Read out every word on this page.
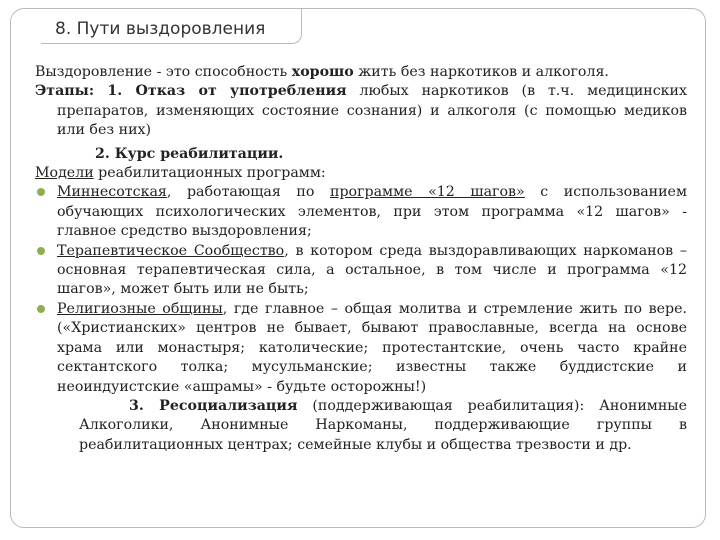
8. Пути выздоровления

Выздоровление - это способность хорошо жить без наркотиков и алкоголя.

Этапы: 1. Отказ от употребления любых наркотиков (в т.ч. медицинских препаратов, изменяющих состояние сознания) и алкоголя (с помощью медиков или без них)

2. Курс реабилитации.

Модели реабилитационных программ:

Миннесотская, работающая по программе «12 шагов» с использованием обучающих психологических элементов, при этом программа «12 шагов» - главное средство выздоровления;

Терапевтическое Сообщество, в котором среда выздоравливающих наркоманов – основная терапевтическая сила, а остальное, в том числе и программа «12 шагов», может быть или не быть;

Религиозные общины, где главное – общая молитва и стремление жить по вере. («Христианских» центров не бывает, бывают православные, всегда на основе храма или монастыря; католические; протестантские, очень часто крайне сектантского толка; мусульманские; известны также буддистские и неоиндуистские «ашрамы» - будьте осторожны!)

3. Ресоциализация (поддерживающая реабилитация): Анонимные Алкоголики, Анонимные Наркоманы, поддерживающие группы в реабилитационных центрах; семейные клубы и общества трезвости и др.
